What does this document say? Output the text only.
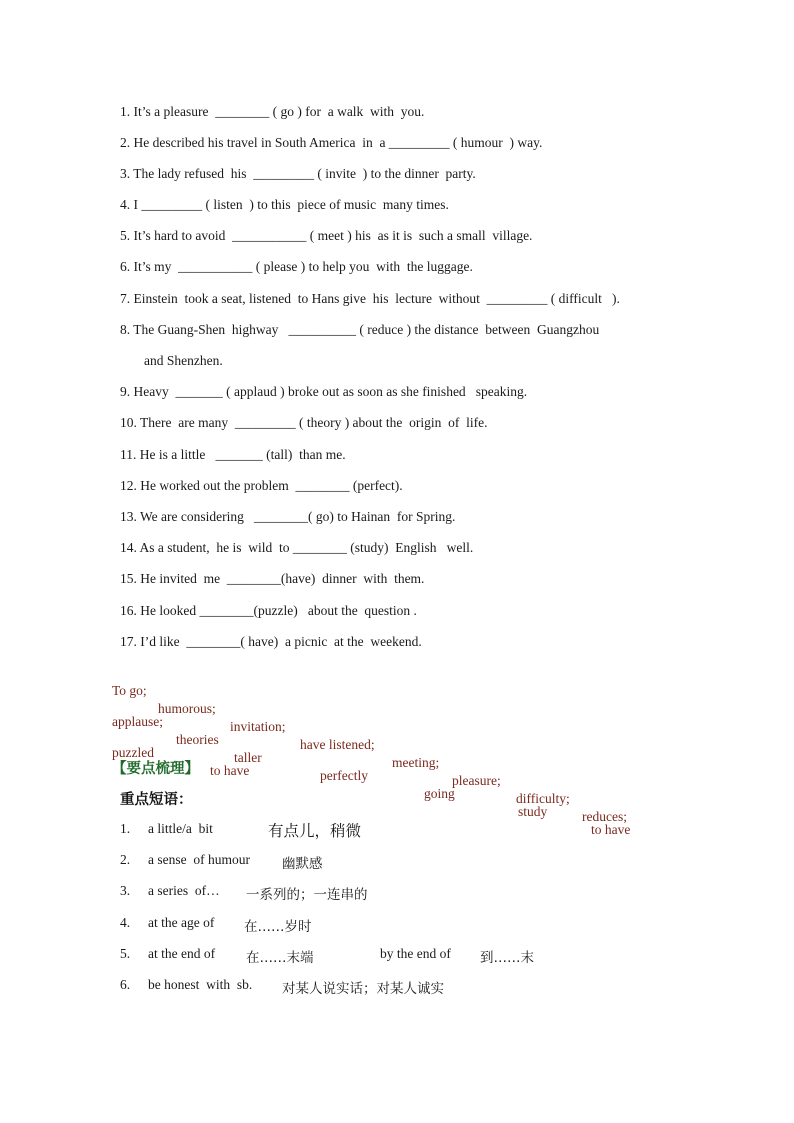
1. It’s a pleasure  ________ ( go ) for  a walk  with  you.
2. He described his travel in South America  in  a _________ ( humour  ) way.
3. The lady refused  his  _________ ( invite  ) to the dinner  party.
4. I _________ ( listen  ) to this  piece of music  many times.
5. It’s hard to avoid  ___________ ( meet ) his  as it is  such a small  village.
6. It’s my  ___________ ( please ) to help you  with  the luggage.
7. Einstein  took a seat, listened  to Hans give  his  lecture  without  _________ ( difficult   ).
8. The Guang-Shen  highway   __________ ( reduce ) the distance  between  Guangzhou
and Shenzhen.
9. Heavy  _______ ( applaud ) broke out as soon as she finished   speaking.
10. There  are many  _________ ( theory ) about the  origin  of  life.
11. He is a little   _______ (tall)  than me.
12. He worked out the problem  ________ (perfect).
13. We are considering   ________( go) to Hainan  for Spring.
14. As a student,  he is  wild  to ________ (study)  English   well.
15. He invited  me  ________(have)  dinner  with  them.
16. He looked ________(puzzle)   about the  question .
17. I’d like  ________( have)  a picnic  at the  weekend.

To go;

humorous;

invitation;

have listened;

meeting;

pleasure;

difficulty;

reduces;

applause;

theories

taller

perfectly

going

study

to have

puzzled

to have

【要点梳理】
重点短语：
1. a little/a  bit	有点儿，稍微
2. a sense  of humour 幽默感
3. a series  of… 一系列的；一连串的
4. at the age of 在……岁时
5. at the end of 在……末端	by the end of 到……末
6. be honest  with  sb. 对某人说实话；对某人诚实
